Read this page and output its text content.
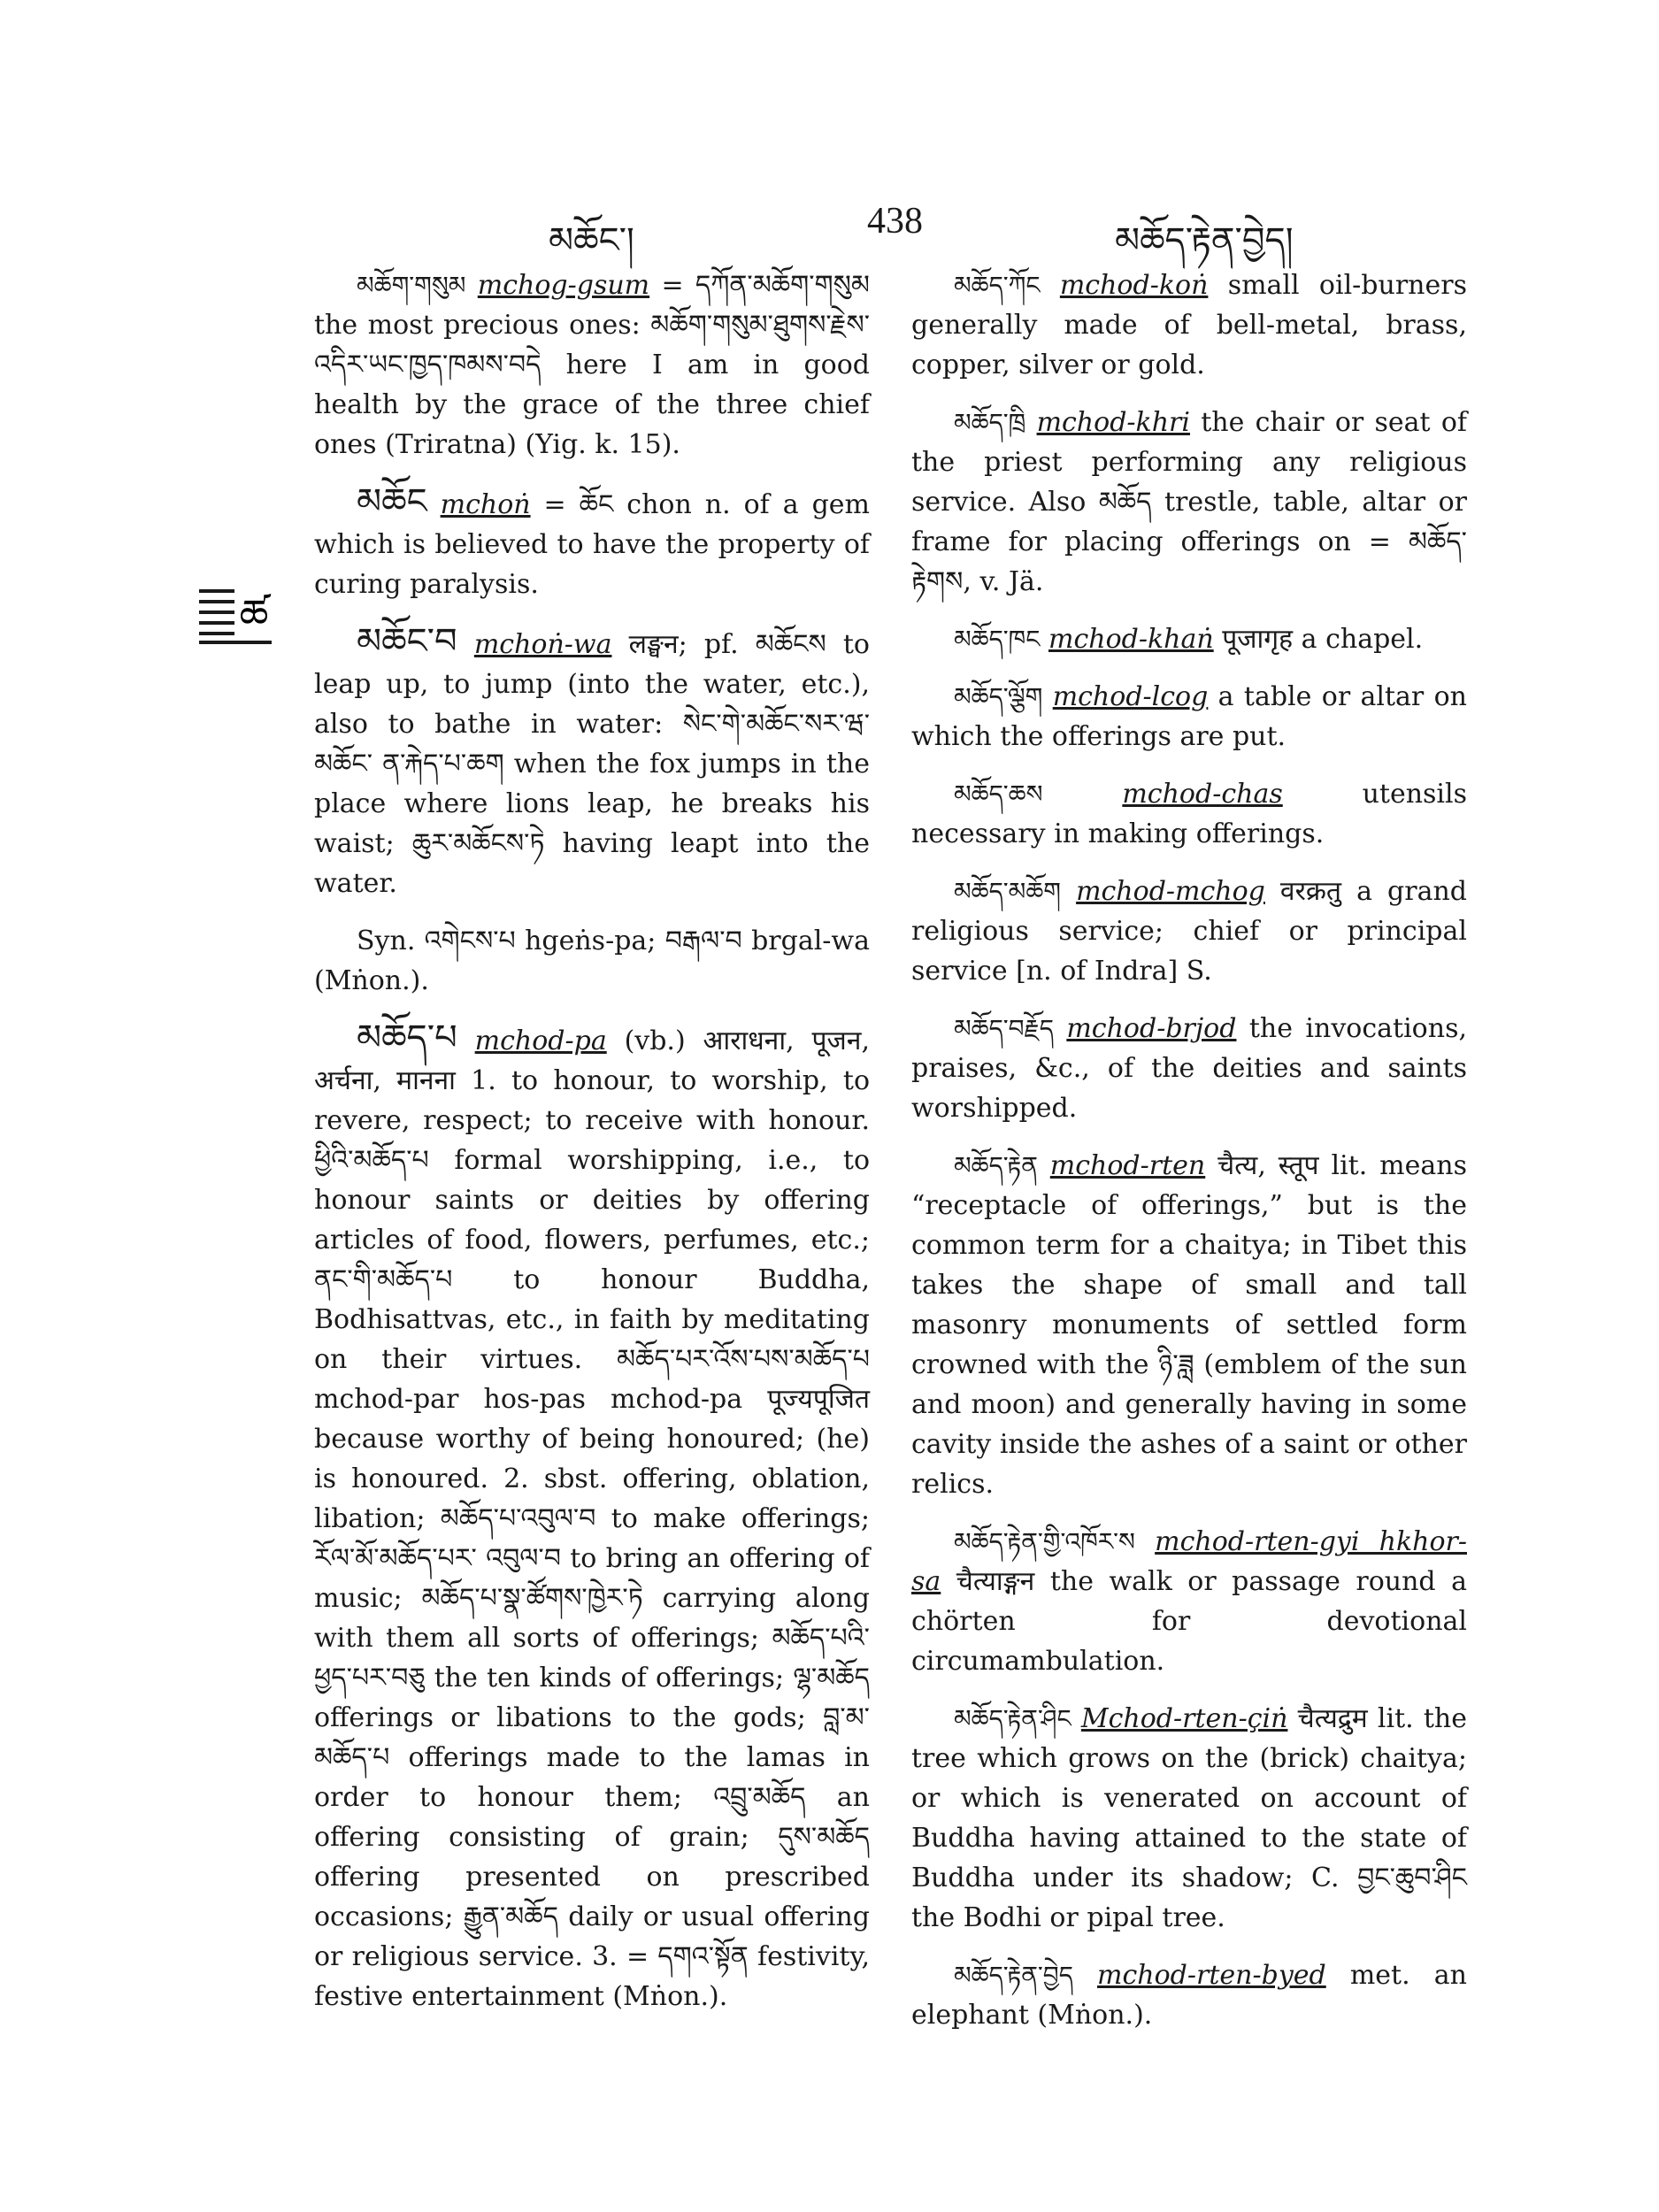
མཆོང་།	438	མཆོད་རྟེན་བྱེད།
ཚ

མཆོག་གསུམ mchog-gsum = དཀོན་མཆོག་གསུམ the most precious ones: མཆོག་གསུམ་ཐུགས་རྗེས་ འདིར་ཡང་ཁྱད་ཁམས་བདེ here I am in good health by the grace of the three chief ones (Triratna) (Yig. k. 15).

མཆོང mchoṅ = ཆོང chon n. of a gem which is believed to have the property of curing paralysis.

མཆོང་བ mchoṅ-wa लङ्घन; pf. མཆོངས to leap up, to jump (into the water, etc.), also to bathe in water: སེང་གེ་མཆོང་སར་ཝ་མཆོང་ ན་རྐེད་པ་ཆག when the fox jumps in the place where lions leap, he breaks his waist; ཆུར་མཆོངས་ཏེ having leapt into the water.

Syn. འགེངས་པ hgeṅs-pa; བརྒལ་བ brgal-wa (Mṅon.).

མཆོད་པ mchod-pa (vb.) आराधना, पूजन, अर्चना, मानना 1. to honour, to worship, to revere, respect; to receive with honour. ཕྱིའི་མཆོད་པ formal worshipping, i.e., to honour saints or deities by offering articles of food, flowers, perfumes, etc.; ནང་གི་མཆོད་པ to honour Buddha, Bodhisattvas, etc., in faith by meditating on their virtues. མཆོད་པར་འོས་པས་མཆོད་པ mchod-par hos-pas mchod-pa पूज्यपूजित because worthy of being honoured; (he) is honoured. 2. sbst. offering, oblation, libation; མཆོད་པ་འབུལ་བ to make offerings; རོལ་མོ་མཆོད་པར་ འབུལ་བ to bring an offering of music; མཆོད་པ་སྣ་ཚོགས་ཁྱེར་ཏེ carrying along with them all sorts of offerings; མཆོད་པའི་ཕྱད་པར་བཅུ the ten kinds of offerings; ལྷ་མཆོད offerings or libations to the gods; བླ་མ་མཆོད་པ offerings made to the lamas in order to honour them; འབྲུ་མཆོད an offering consisting of grain; དུས་མཆོད offering presented on prescribed occasions; རྒྱུན་མཆོད daily or usual offering or religious service. 3. = དགའ་སྟོན festivity, festive entertainment (Mṅon.).

མཆོད་ཀོང mchod-koṅ small oil-burners generally made of bell-metal, brass, copper, silver or gold.

མཆོད་ཁྲི mchod-khri the chair or seat of the priest performing any religious service. Also མཆོད trestle, table, altar or frame for placing offerings on = མཆོད་རྟེགས, v. Jä.

མཆོད་ཁང mchod-khaṅ पूजागृह a chapel.

མཆོད་ལྕོག mchod-lcog a table or altar on which the offerings are put.

མཆོད་ཆས	mchod-chas utensils necessary in making offerings.

མཆོད་མཆོག mchod-mchog वरक्रतु a grand religious service; chief or principal service [n. of Indra] S.

མཆོད་བརྗོད mchod-brjod the invocations, praises, &c., of the deities and saints worshipped.

མཆོད་རྟེན mchod-rten चैत्य, स्तूप lit. means “receptacle of offerings,” but is the common term for a chaitya; in Tibet this takes the shape of small and tall masonry monuments of settled form crowned with the ཉི་ཟླ (emblem of the sun and moon) and generally having in some cavity inside the ashes of a saint or other relics.

མཆོད་རྟེན་གྱི་འཁོར་ས mchod-rten-gyi hkhor-sa चैत्याङ्गन the walk or passage round a chörten for devotional circumambulation.

མཆོད་རྟེན་ཤིང Mchod-rten-çiṅ चैत्यद्रुम lit. the tree which grows on the (brick) chaitya; or which is venerated on account of Buddha having attained to the state of Buddha under its shadow; C. བྱང་ཆུབ་ཤིང the Bodhi or pipal tree.

མཆོད་རྟེན་བྱེད mchod-rten-byed met. an elephant (Mṅon.).
